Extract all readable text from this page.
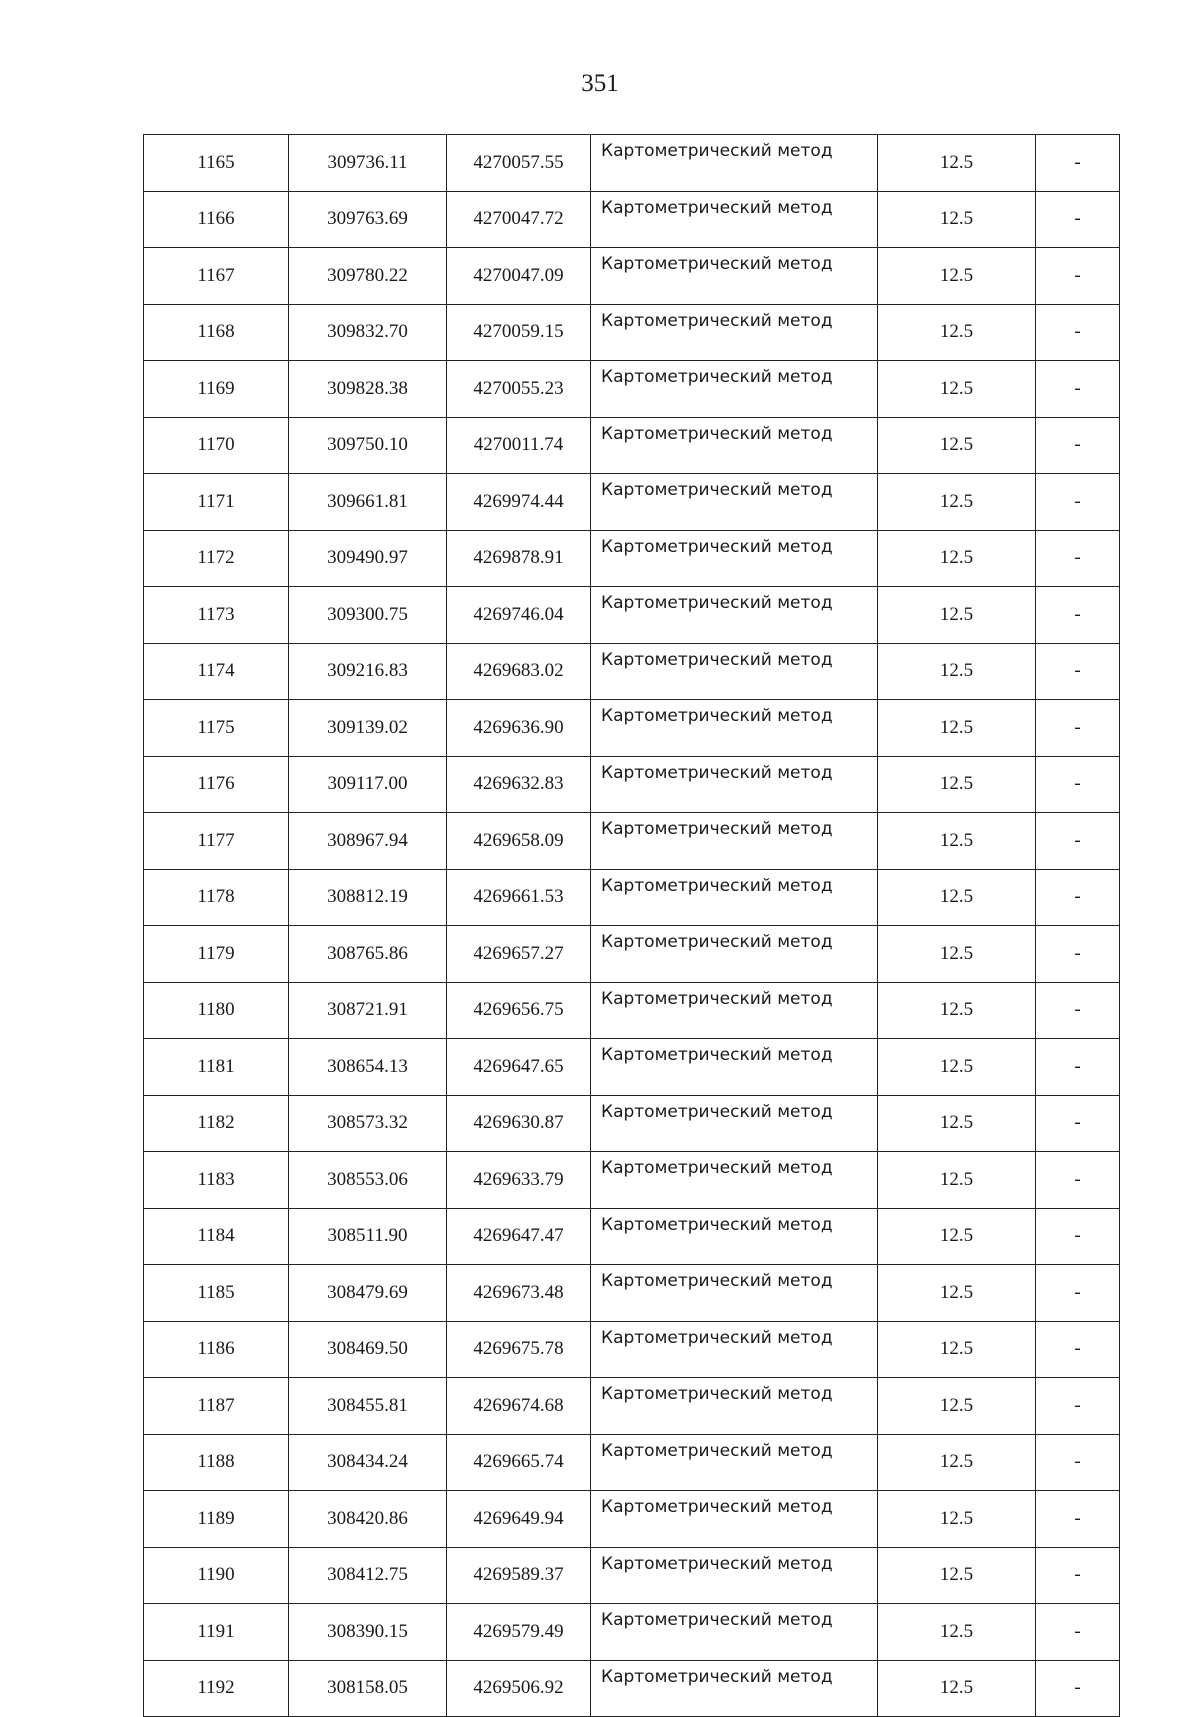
351
1165	309736.11	4270057.55	Картометрический метод	12.5	-
1166	309763.69	4270047.72	Картометрический метод	12.5	-
1167	309780.22	4270047.09	Картометрический метод	12.5	-
1168	309832.70	4270059.15	Картометрический метод	12.5	-
1169	309828.38	4270055.23	Картометрический метод	12.5	-
1170	309750.10	4270011.74	Картометрический метод	12.5	-
1171	309661.81	4269974.44	Картометрический метод	12.5	-
1172	309490.97	4269878.91	Картометрический метод	12.5	-
1173	309300.75	4269746.04	Картометрический метод	12.5	-
1174	309216.83	4269683.02	Картометрический метод	12.5	-
1175	309139.02	4269636.90	Картометрический метод	12.5	-
1176	309117.00	4269632.83	Картометрический метод	12.5	-
1177	308967.94	4269658.09	Картометрический метод	12.5	-
1178	308812.19	4269661.53	Картометрический метод	12.5	-
1179	308765.86	4269657.27	Картометрический метод	12.5	-
1180	308721.91	4269656.75	Картометрический метод	12.5	-
1181	308654.13	4269647.65	Картометрический метод	12.5	-
1182	308573.32	4269630.87	Картометрический метод	12.5	-
1183	308553.06	4269633.79	Картометрический метод	12.5	-
1184	308511.90	4269647.47	Картометрический метод	12.5	-
1185	308479.69	4269673.48	Картометрический метод	12.5	-
1186	308469.50	4269675.78	Картометрический метод	12.5	-
1187	308455.81	4269674.68	Картометрический метод	12.5	-
1188	308434.24	4269665.74	Картометрический метод	12.5	-
1189	308420.86	4269649.94	Картометрический метод	12.5	-
1190	308412.75	4269589.37	Картометрический метод	12.5	-
1191	308390.15	4269579.49	Картометрический метод	12.5	-
1192	308158.05	4269506.92	Картометрический метод	12.5	-
